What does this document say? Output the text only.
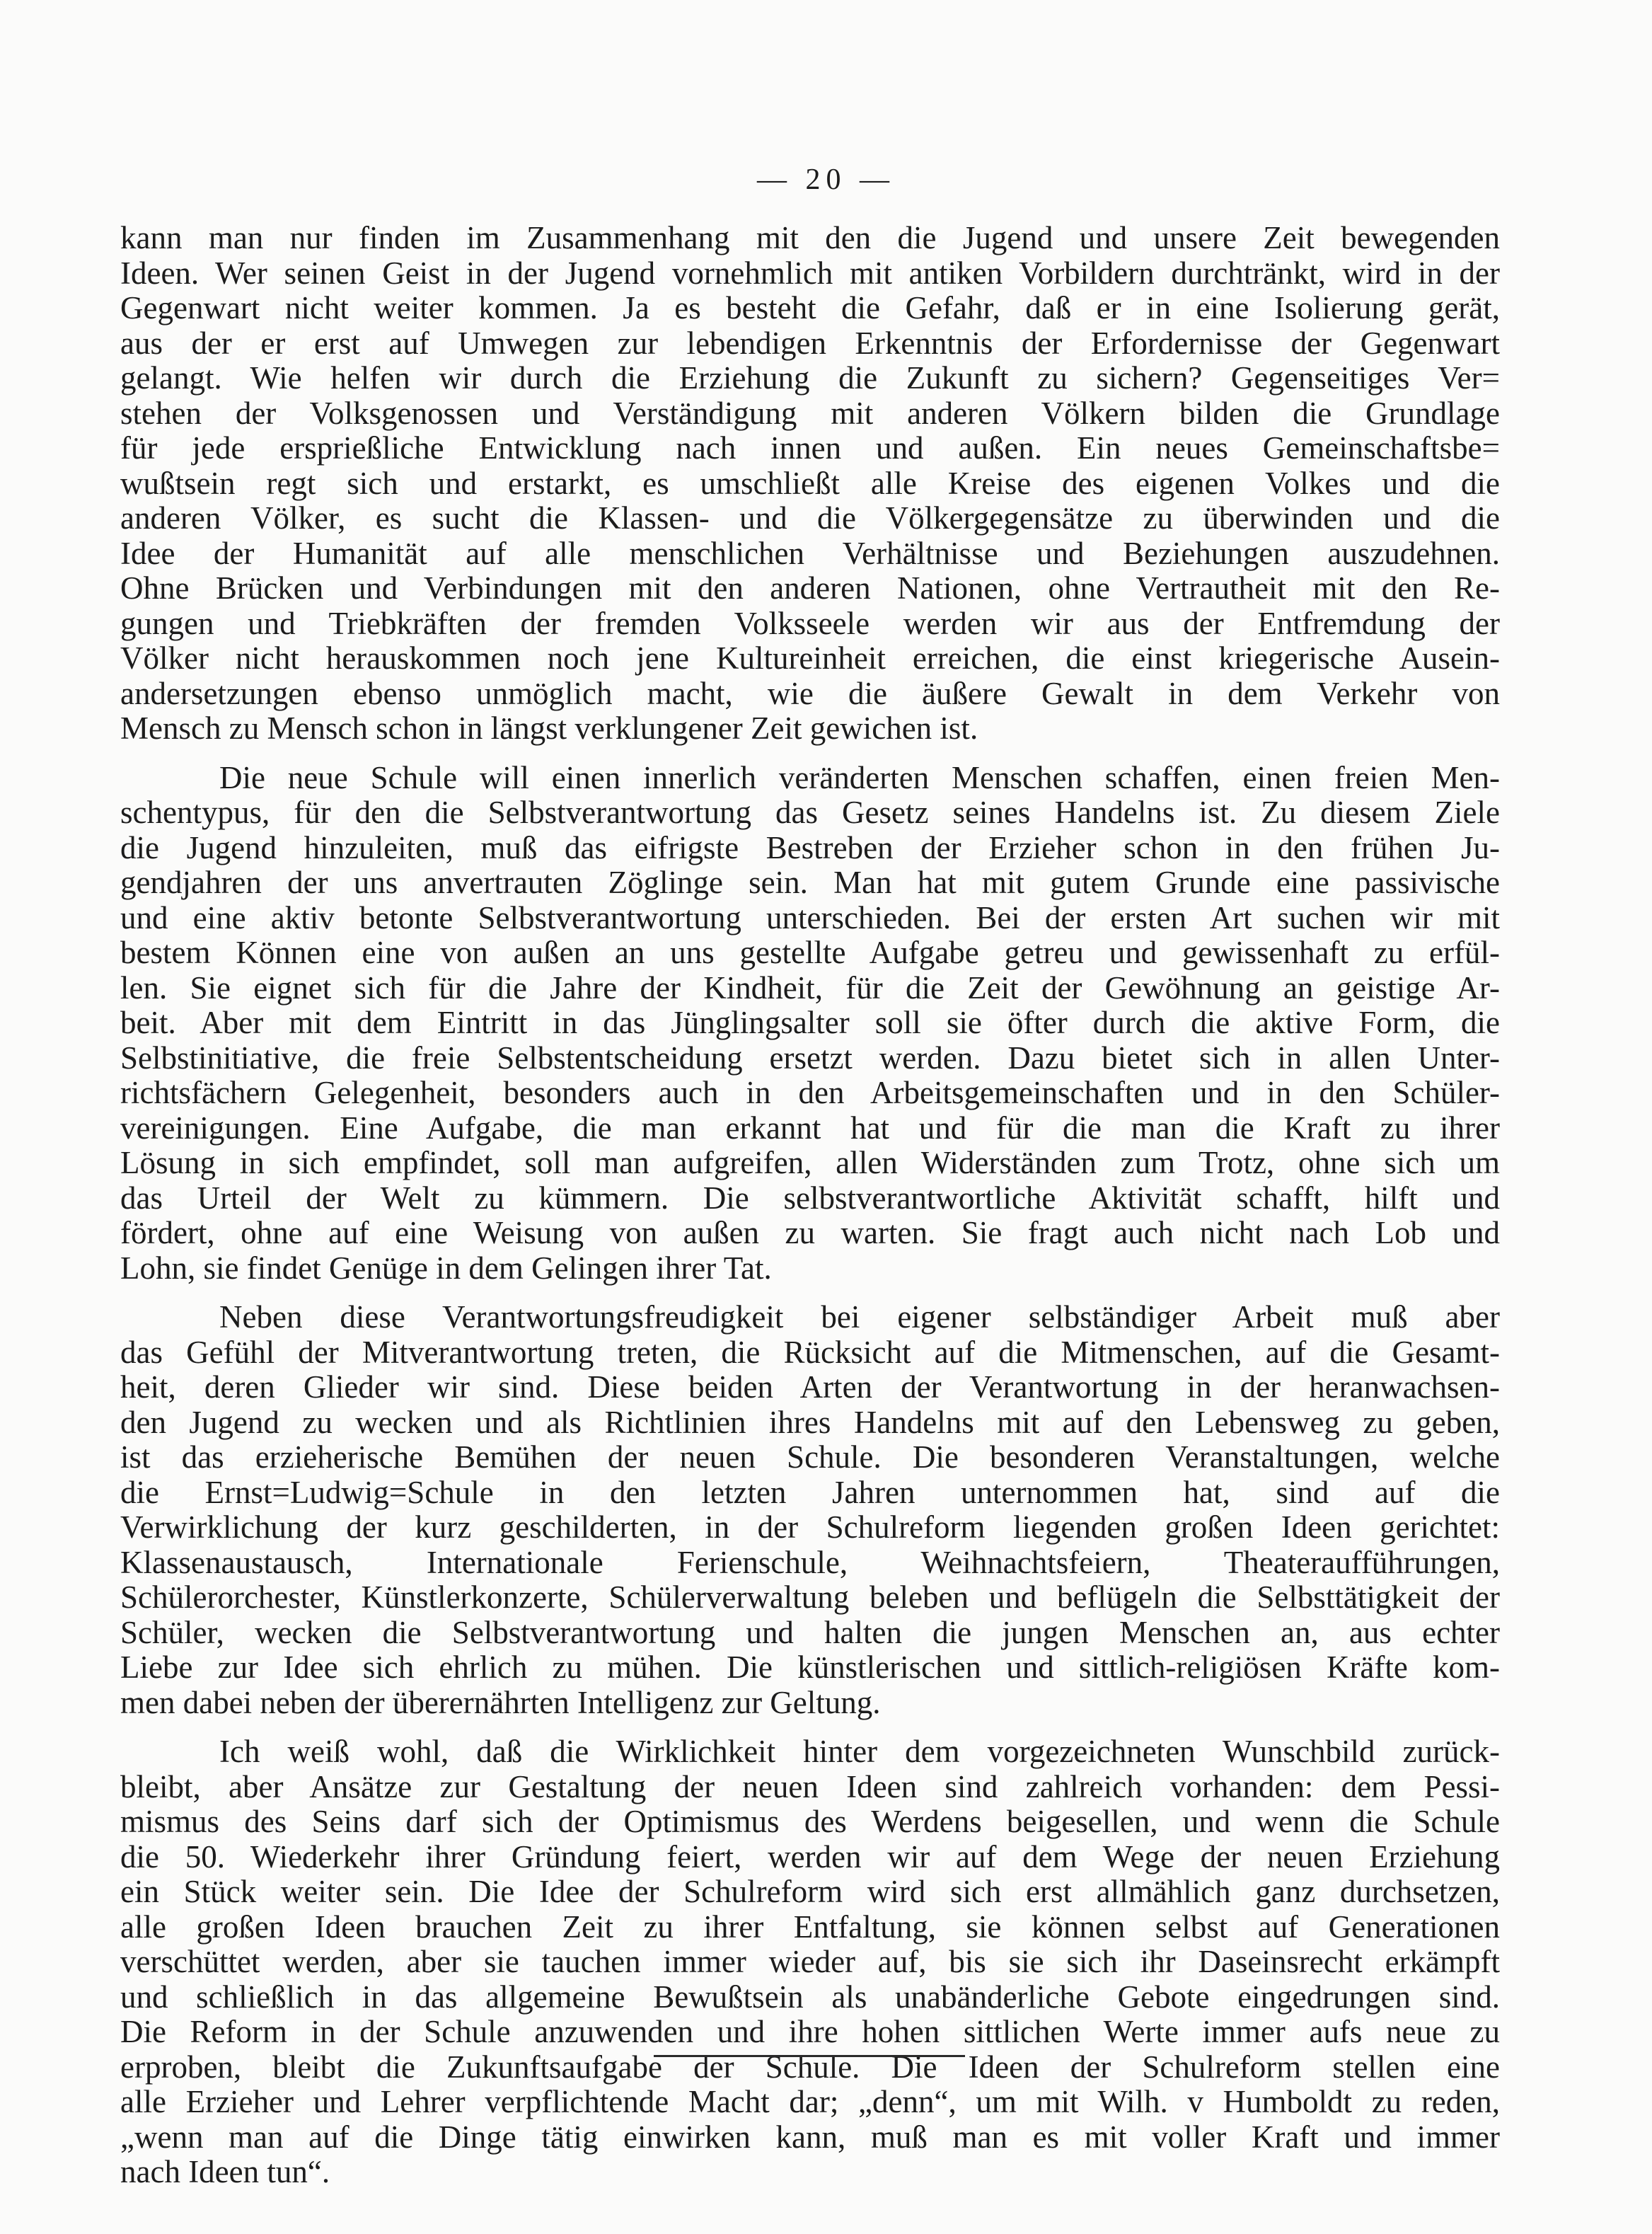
— 20 —
kann man nur finden im Zusammenhang mit den die Jugend und unsere Zeit bewegenden
Ideen. Wer seinen Geist in der Jugend vornehmlich mit antiken Vorbildern durchtränkt, wird in der
Gegenwart nicht weiter kommen. Ja es besteht die Gefahr, daß er in eine Isolierung gerät,
aus der er erst auf Umwegen zur lebendigen Erkenntnis der Erfordernisse der Gegenwart
gelangt. Wie helfen wir durch die Erziehung die Zukunft zu sichern? Gegenseitiges Ver=
stehen der Volksgenossen und Verständigung mit anderen Völkern bilden die Grundlage
für jede ersprießliche Entwicklung nach innen und außen. Ein neues Gemeinschaftsbe=
wußtsein regt sich und erstarkt, es umschließt alle Kreise des eigenen Volkes und die
anderen Völker, es sucht die Klassen- und die Völkergegensätze zu überwinden und die
Idee der Humanität auf alle menschlichen Verhältnisse und Beziehungen auszudehnen.
Ohne Brücken und Verbindungen mit den anderen Nationen, ohne Vertrautheit mit den Re-
gungen und Triebkräften der fremden Volksseele werden wir aus der Entfremdung der
Völker nicht herauskommen noch jene Kultureinheit erreichen, die einst kriegerische Ausein-
andersetzungen ebenso unmöglich macht, wie die äußere Gewalt in dem Verkehr von
Mensch zu Mensch schon in längst verklungener Zeit gewichen ist.
Die neue Schule will einen innerlich veränderten Menschen schaffen, einen freien Men-
schentypus, für den die Selbstverantwortung das Gesetz seines Handelns ist. Zu diesem Ziele
die Jugend hinzuleiten, muß das eifrigste Bestreben der Erzieher schon in den frühen Ju-
gendjahren der uns anvertrauten Zöglinge sein. Man hat mit gutem Grunde eine passivische
und eine aktiv betonte Selbstverantwortung unterschieden. Bei der ersten Art suchen wir mit
bestem Können eine von außen an uns gestellte Aufgabe getreu und gewissenhaft zu erfül-
len. Sie eignet sich für die Jahre der Kindheit, für die Zeit der Gewöhnung an geistige Ar-
beit. Aber mit dem Eintritt in das Jünglingsalter soll sie öfter durch die aktive Form, die
Selbstinitiative, die freie Selbstentscheidung ersetzt werden. Dazu bietet sich in allen Unter-
richtsfächern Gelegenheit, besonders auch in den Arbeitsgemeinschaften und in den Schüler-
vereinigungen. Eine Aufgabe, die man erkannt hat und für die man die Kraft zu ihrer
Lösung in sich empfindet, soll man aufgreifen, allen Widerständen zum Trotz, ohne sich um
das Urteil der Welt zu kümmern. Die selbstverantwortliche Aktivität schafft, hilft und
fördert, ohne auf eine Weisung von außen zu warten. Sie fragt auch nicht nach Lob und
Lohn, sie findet Genüge in dem Gelingen ihrer Tat.
Neben diese Verantwortungsfreudigkeit bei eigener selbständiger Arbeit muß aber
das Gefühl der Mitverantwortung treten, die Rücksicht auf die Mitmenschen, auf die Gesamt-
heit, deren Glieder wir sind. Diese beiden Arten der Verantwortung in der heranwachsen-
den Jugend zu wecken und als Richtlinien ihres Handelns mit auf den Lebensweg zu geben,
ist das erzieherische Bemühen der neuen Schule. Die besonderen Veranstaltungen, welche
die Ernst=Ludwig=Schule in den letzten Jahren unternommen hat, sind auf die
Verwirklichung der kurz geschilderten, in der Schulreform liegenden großen Ideen gerichtet:
Klassenaustausch, Internationale Ferienschule, Weihnachtsfeiern, Theateraufführungen,
Schülerorchester, Künstlerkonzerte, Schülerverwaltung beleben und beflügeln die Selbsttätigkeit der
Schüler, wecken die Selbstverantwortung und halten die jungen Menschen an, aus echter
Liebe zur Idee sich ehrlich zu mühen. Die künstlerischen und sittlich-religiösen Kräfte kom-
men dabei neben der überernährten Intelligenz zur Geltung.
Ich weiß wohl, daß die Wirklichkeit hinter dem vorgezeichneten Wunschbild zurück-
bleibt, aber Ansätze zur Gestaltung der neuen Ideen sind zahlreich vorhanden: dem Pessi-
mismus des Seins darf sich der Optimismus des Werdens beigesellen, und wenn die Schule
die 50. Wiederkehr ihrer Gründung feiert, werden wir auf dem Wege der neuen Erziehung
ein Stück weiter sein. Die Idee der Schulreform wird sich erst allmählich ganz durchsetzen,
alle großen Ideen brauchen Zeit zu ihrer Entfaltung, sie können selbst auf Generationen
verschüttet werden, aber sie tauchen immer wieder auf, bis sie sich ihr Daseinsrecht erkämpft
und schließlich in das allgemeine Bewußtsein als unabänderliche Gebote eingedrungen sind.
Die Reform in der Schule anzuwenden und ihre hohen sittlichen Werte immer aufs neue zu
erproben, bleibt die Zukunftsaufgabe der Schule. Die Ideen der Schulreform stellen eine
alle Erzieher und Lehrer verpflichtende Macht dar; „denn“, um mit Wilh. v Humboldt zu reden,
„wenn man auf die Dinge tätig einwirken kann, muß man es mit voller Kraft und immer
nach Ideen tun“.
